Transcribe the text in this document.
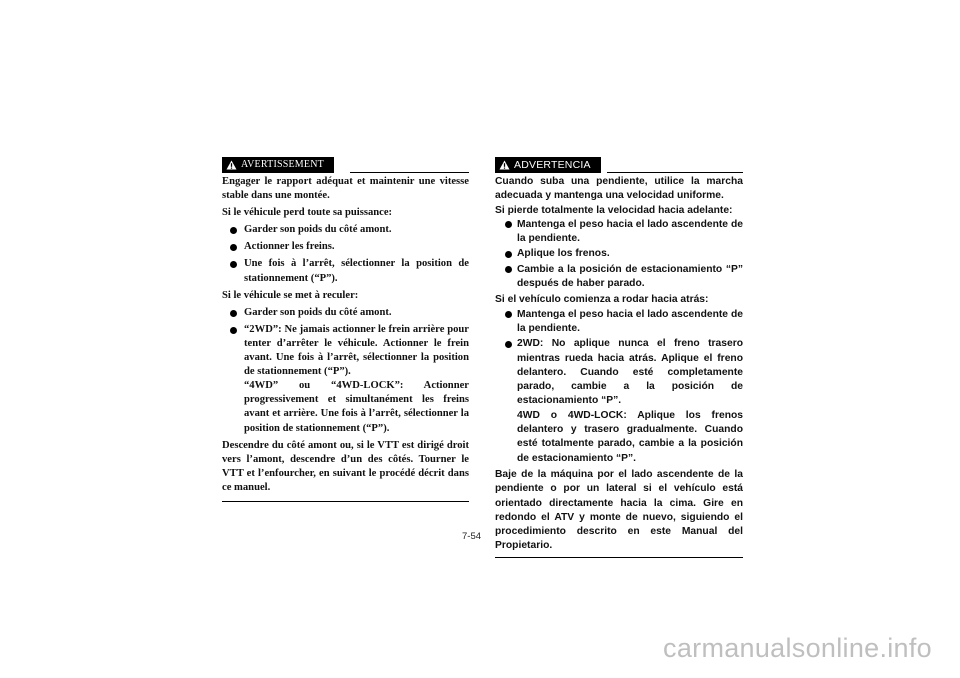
AVERTISSEMENT

Engager le rapport adéquat et maintenir une vitesse stable dans une montée.

Si le véhicule perd toute sa puissance:

Garder son poids du côté amont.
Actionner les freins.
Une fois à l’arrêt, sélectionner la position de stationnement (“P”).

Si le véhicule se met à reculer:

Garder son poids du côté amont.
“2WD”: Ne jamais actionner le frein arrière pour tenter d’arrêter le véhicule. Actionner le frein avant. Une fois à l’arrêt, sélectionner la position de stationnement (“P”).
“4WD” ou “4WD-LOCK”: Actionner progressivement et simultanément les freins avant et arrière. Une fois à l’arrêt, sélectionner la position de stationnement (“P”).

Descendre du côté amont ou, si le VTT est dirigé droit vers l’amont, descendre d’un des côtés. Tourner le VTT et l’enfourcher, en suivant le procédé décrit dans ce manuel.

ADVERTENCIA

Cuando suba una pendiente, utilice la marcha adecuada y mantenga una velocidad uniforme.

Si pierde totalmente la velocidad hacia adelante:

Mantenga el peso hacia el lado ascendente de la pendiente.
Aplique los frenos.
Cambie a la posición de estacionamiento “P” después de haber parado.

Si el vehículo comienza a rodar hacia atrás:

Mantenga el peso hacia el lado ascendente de la pendiente.
2WD: No aplique nunca el freno trasero mientras rueda hacia atrás. Aplique el freno delantero. Cuando esté completamente parado, cambie a la posición de estacionamiento “P”.
4WD o 4WD-LOCK: Aplique los frenos delantero y trasero gradualmente. Cuando esté totalmente parado, cambie a la posición de estacionamiento “P”.

Baje de la máquina por el lado ascendente de la pendiente o por un lateral si el vehículo está orientado directamente hacia la cima. Gire en redondo el ATV y monte de nuevo, siguiendo el procedimiento descrito en este Manual del Propietario.

7-54
carmanualsonline.info
